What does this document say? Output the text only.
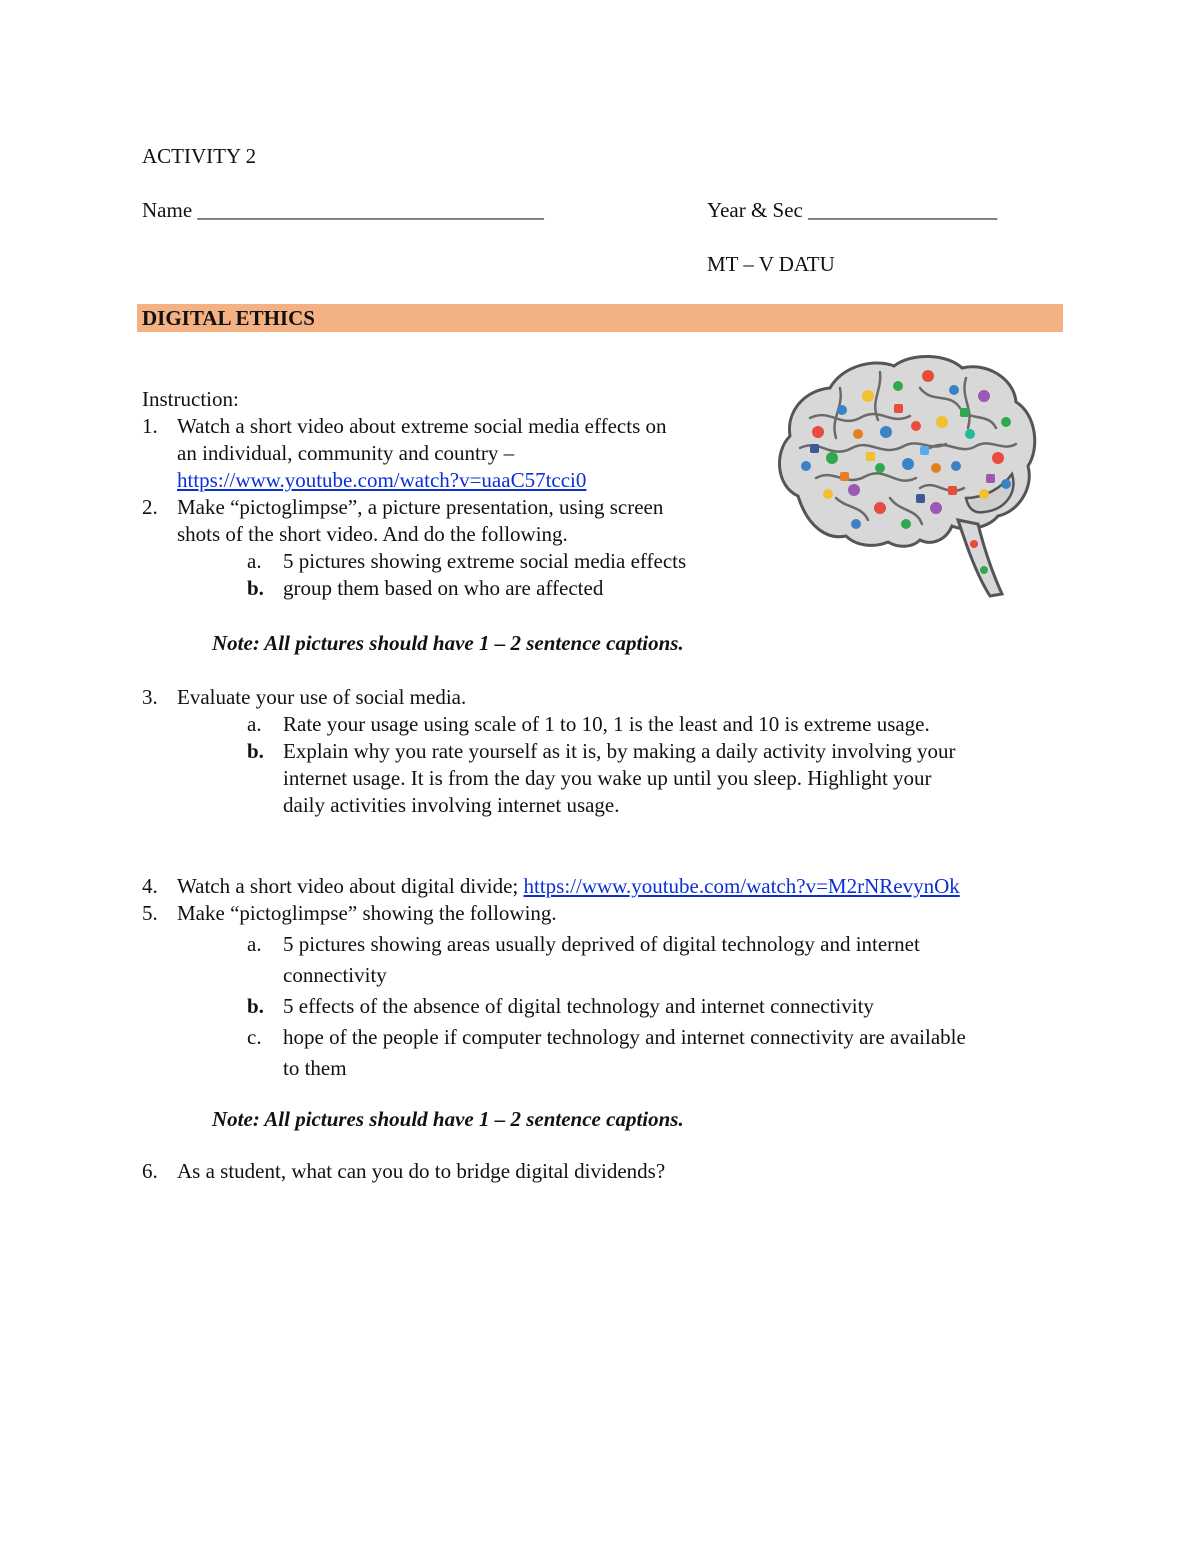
ACTIVITY 2
Name _________________________________	Year & Sec __________________
MT – V DATU
DIGITAL ETHICS
Instruction:
1. Watch a short video about extreme social media effects on
an individual, community and country –
https://www.youtube.com/watch?v=uaaC57tcci0
2. Make “pictoglimpse”, a picture presentation, using screen
shots of the short video. And do the following.
a. 5 pictures showing extreme social media effects
b. group them based on who are affected
Note: All pictures should have 1 – 2 sentence captions.
3. Evaluate your use of social media.
a. Rate your usage using scale of 1 to 10, 1 is the least and 10 is extreme usage.
b. Explain why you rate yourself as it is, by making a daily activity involving your
internet usage. It is from the day you wake up until you sleep. Highlight your
daily activities involving internet usage.
4. Watch a short video about digital divide; https://www.youtube.com/watch?v=M2rNRevynOk
5. Make “pictoglimpse” showing the following.
a. 5 pictures showing areas usually deprived of digital technology and internet
connectivity
b. 5 effects of the absence of digital technology and internet connectivity
c. hope of the people if computer technology and internet connectivity are available
to them
Note: All pictures should have 1 – 2 sentence captions.
6. As a student, what can you do to bridge digital dividends?
